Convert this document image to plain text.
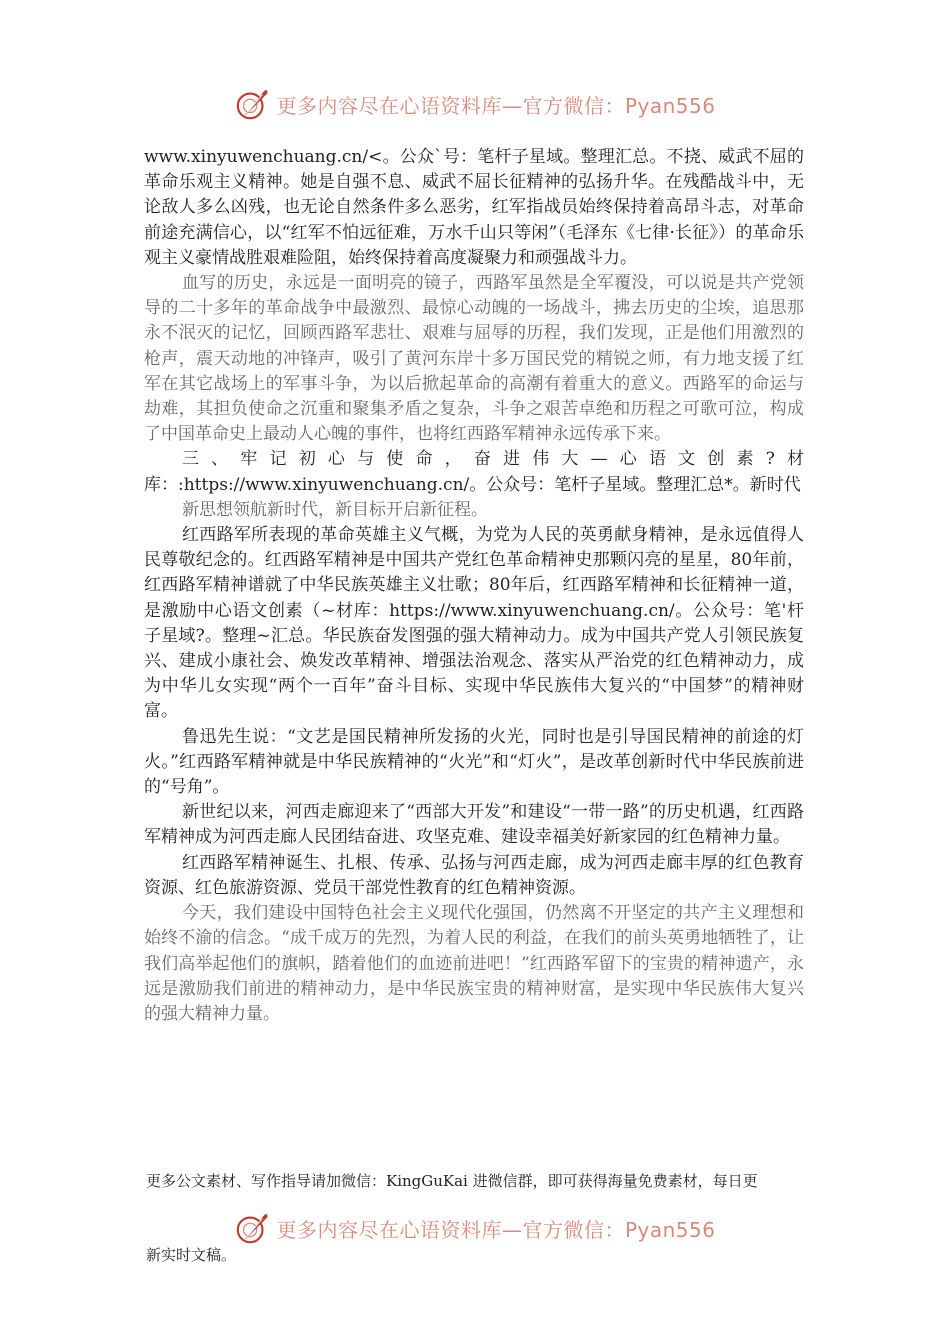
更多内容尽在心语资料库—官方微信：Pyan556

www.xinyuwenchuang.cn/<。公众`号：笔杆子星域。整理汇总。不挠、威武不屈的革命乐观主义精神。她是自强不息、威武不屈长征精神的弘扬升华。在残酷战斗中，无论敌人多么凶残，也无论自然条件多么恶劣，红军指战员始终保持着高昂斗志，对革命前途充满信心，以“红军不怕远征难，万水千山只等闲”（毛泽东《七律·长征》）的革命乐观主义豪情战胜艰难险阻，始终保持着高度凝聚力和顽强战斗力。

血写的历史，永远是一面明亮的镜子，西路军虽然是全军覆没，可以说是共产党领导的二十多年的革命战争中最激烈、最惊心动魄的一场战斗，拂去历史的尘埃，追思那永不泯灭的记忆，回顾西路军悲壮、艰难与屈辱的历程，我们发现，正是他们用激烈的枪声，震天动地的冲锋声，吸引了黄河东岸十多万国民党的精锐之师，有力地支援了红军在其它战场上的军事斗争，为以后掀起革命的高潮有着重大的意义。西路军的命运与劫难，其担负使命之沉重和聚集矛盾之复杂，斗争之艰苦卓绝和历程之可歌可泣，构成了中国革命史上最动人心魄的事件，也将红西路军精神永远传承下来。

三、牢记初心与使命，奋进伟大—心语文创素?材库：:https://www.xinyuwenchuang.cn/。公众号：笔杆子星域。整理汇总*。新时代

新思想领航新时代，新目标开启新征程。

红西路军所表现的革命英雄主义气概，为党为人民的英勇献身精神，是永远值得人民尊敬纪念的。红西路军精神是中国共产党红色革命精神史那颗闪亮的星星，80年前，红西路军精神谱就了中华民族英雄主义壮歌；80年后，红西路军精神和长征精神一道，是激励中心语文创素（~材库：https://www.xinyuwenchuang.cn/。公众号：笔'杆子星域?。整理~汇总。华民族奋发图强的强大精神动力。成为中国共产党人引领民族复兴、建成小康社会、焕发改革精神、增强法治观念、落实从严治党的红色精神动力，成为中华儿女实现“两个一百年”奋斗目标、实现中华民族伟大复兴的“中国梦”的精神财富。

鲁迅先生说：“文艺是国民精神所发扬的火光，同时也是引导国民精神的前途的灯火。”红西路军精神就是中华民族精神的“火光”和“灯火”，是改革创新时代中华民族前进的“号角”。

新世纪以来，河西走廊迎来了“西部大开发”和建设“一带一路”的历史机遇，红西路军精神成为河西走廊人民团结奋进、攻坚克难、建设幸福美好新家园的红色精神力量。

红西路军精神诞生、扎根、传承、弘扬与河西走廊，成为河西走廊丰厚的红色教育资源、红色旅游资源、党员干部党性教育的红色精神资源。

今天，我们建设中国特色社会主义现代化强国，仍然离不开坚定的共产主义理想和始终不渝的信念。“成千成万的先烈，为着人民的利益，在我们的前头英勇地牺牲了，让我们高举起他们的旗帜，踏着他们的血迹前进吧！”红西路军留下的宝贵的精神遗产，永远是激励我们前进的精神动力，是中华民族宝贵的精神财富，是实现中华民族伟大复兴的强大精神力量。

更多公文素材、写作指导请加微信：KingGuKai 进微信群，即可获得海量免费素材，每日更
更多内容尽在心语资料库—官方微信：Pyan556
新实时文稿。
